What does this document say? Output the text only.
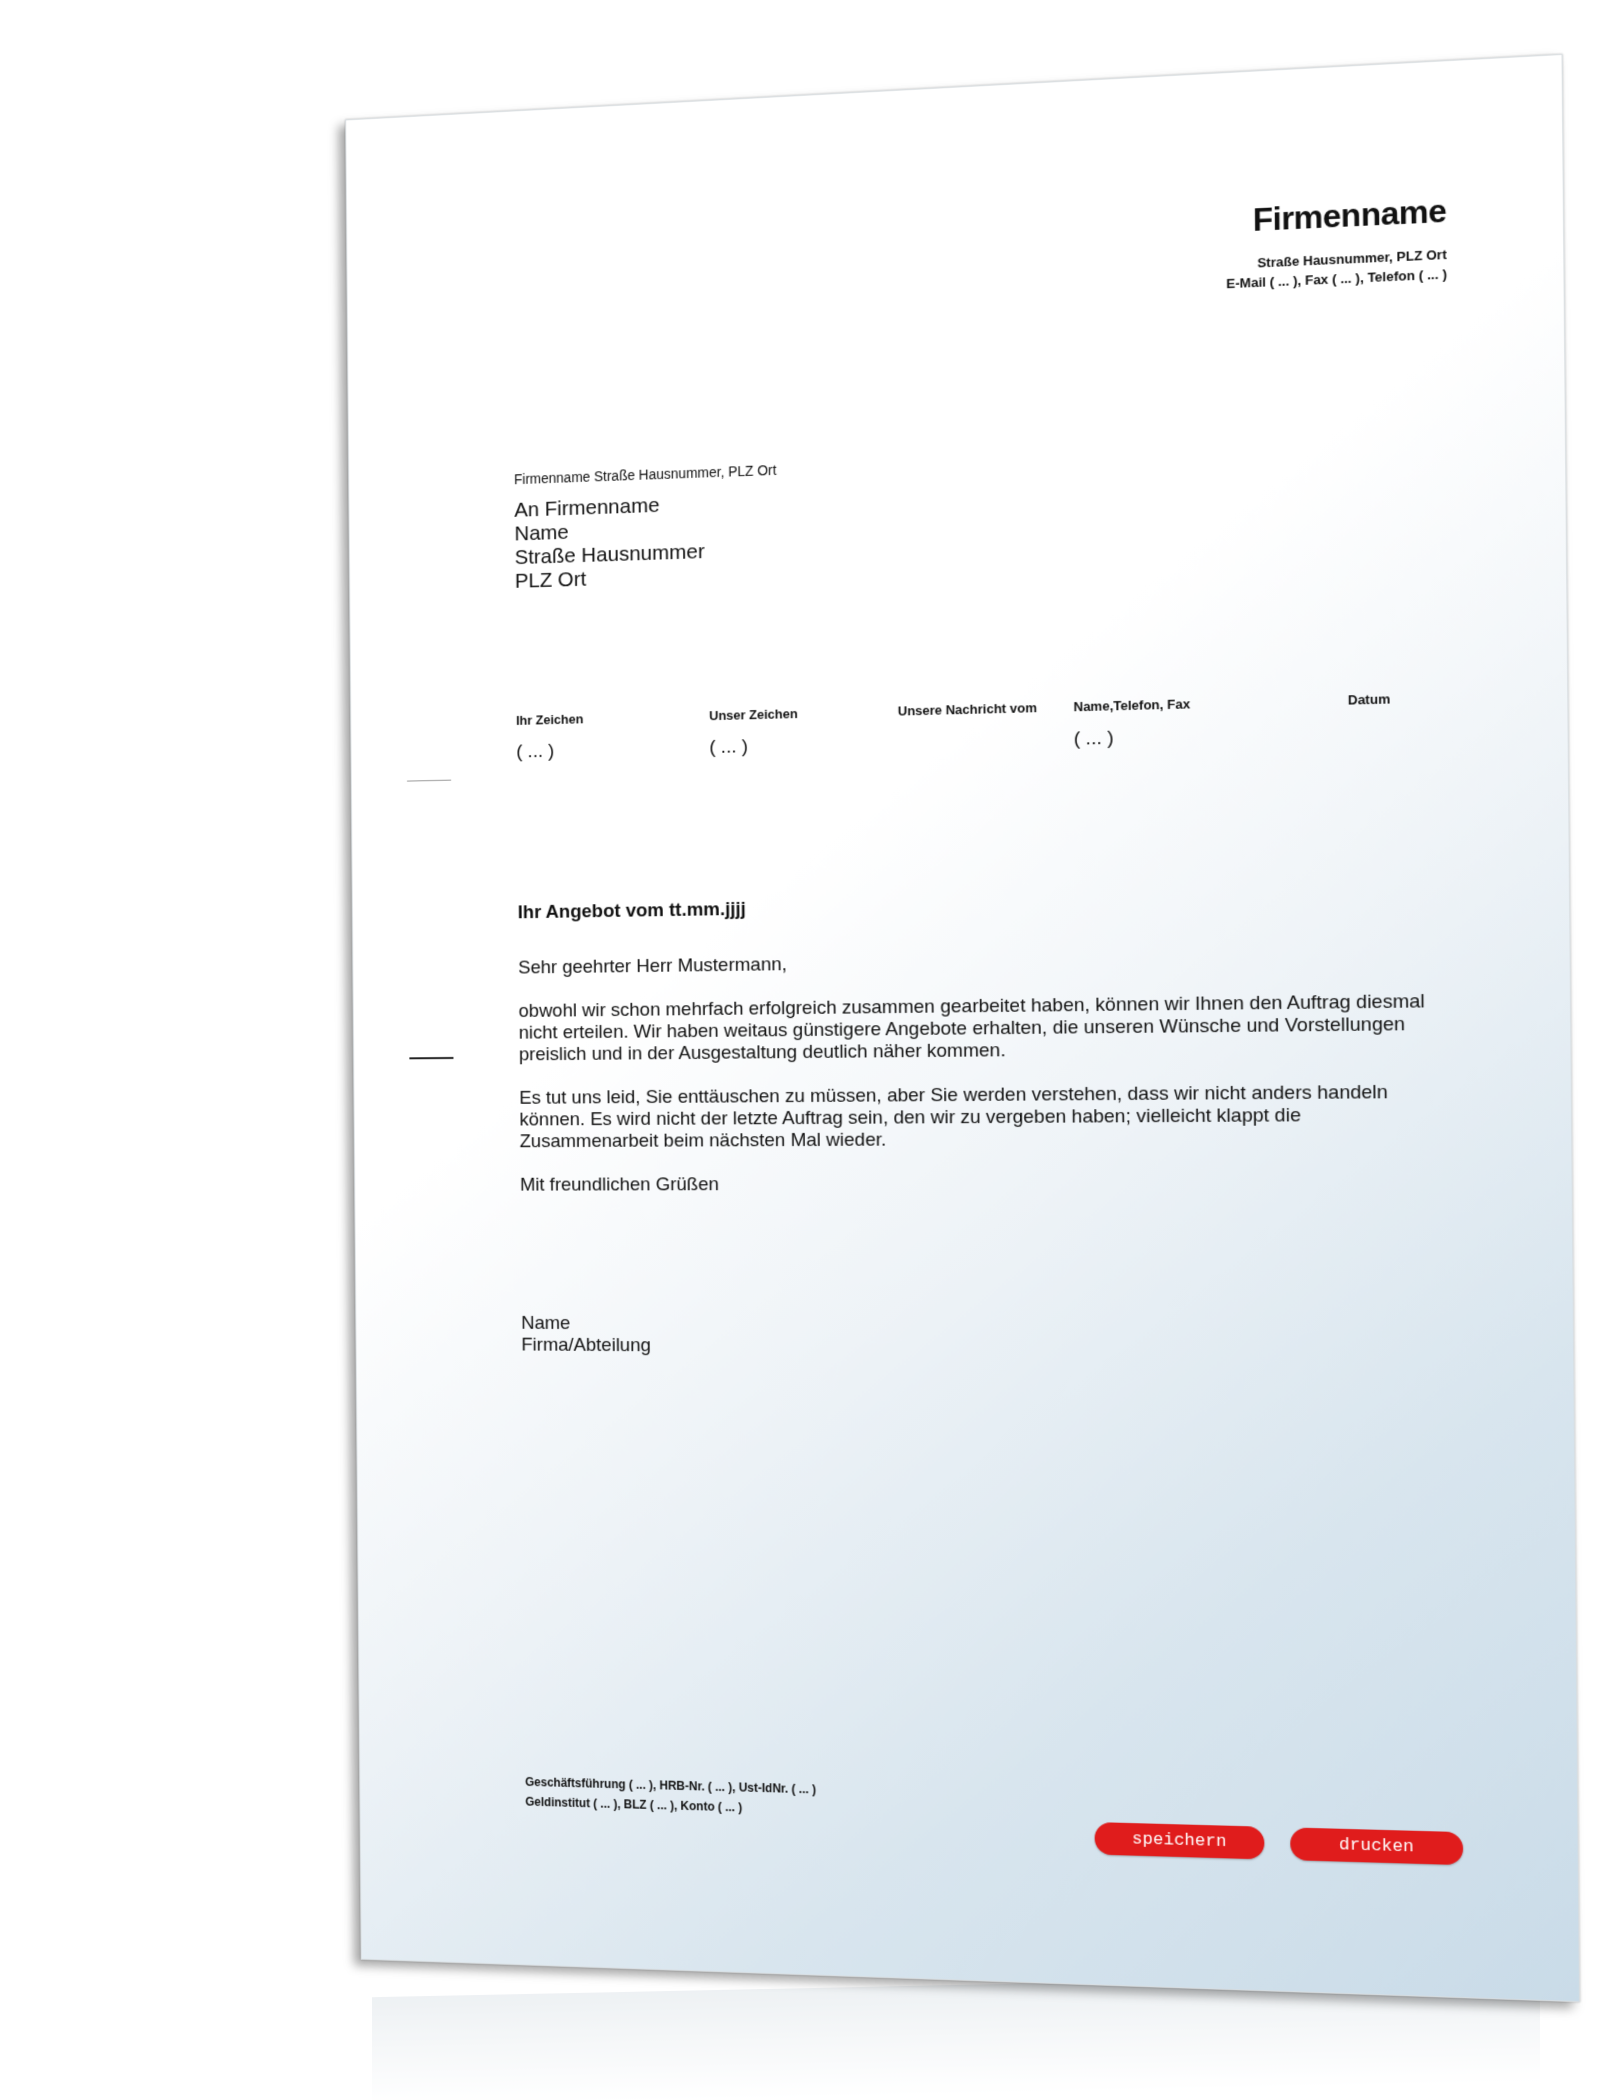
Firmenname
Straße Hausnummer, PLZ Ort
E-Mail ( ... ), Fax ( ... ), Telefon ( ... )
Firmenname Straße Hausnummer, PLZ Ort
An Firmenname
Name
Straße Hausnummer
PLZ Ort
Ihr Zeichen
( ... )
Unser Zeichen
( ... )
Unsere Nachricht vom	Name,Telefon, Fax
( ... )
Datum
Ihr Angebot vom tt.mm.jjjj

Sehr geehrter Herr Mustermann,

obwohl wir schon mehrfach erfolgreich zusammen gearbeitet haben, können wir Ihnen den Auftrag diesmal nicht erteilen. Wir haben weitaus günstigere Angebote erhalten, die unseren Wünsche und Vorstellungen preislich und in der Ausgestaltung deutlich näher kommen.

Es tut uns leid, Sie enttäuschen zu müssen, aber Sie werden verstehen, dass wir nicht anders handeln können. Es wird nicht der letzte Auftrag sein, den wir zu vergeben haben; vielleicht klappt die Zusammenarbeit beim nächsten Mal wieder.

Mit freundlichen Grüßen

Name
Firma/Abteilung
Geschäftsführung ( ... ), HRB-Nr. ( ... ), Ust-IdNr. ( ... )
Geldinstitut ( ... ), BLZ ( ... ), Konto ( ... )
speichern	drucken
